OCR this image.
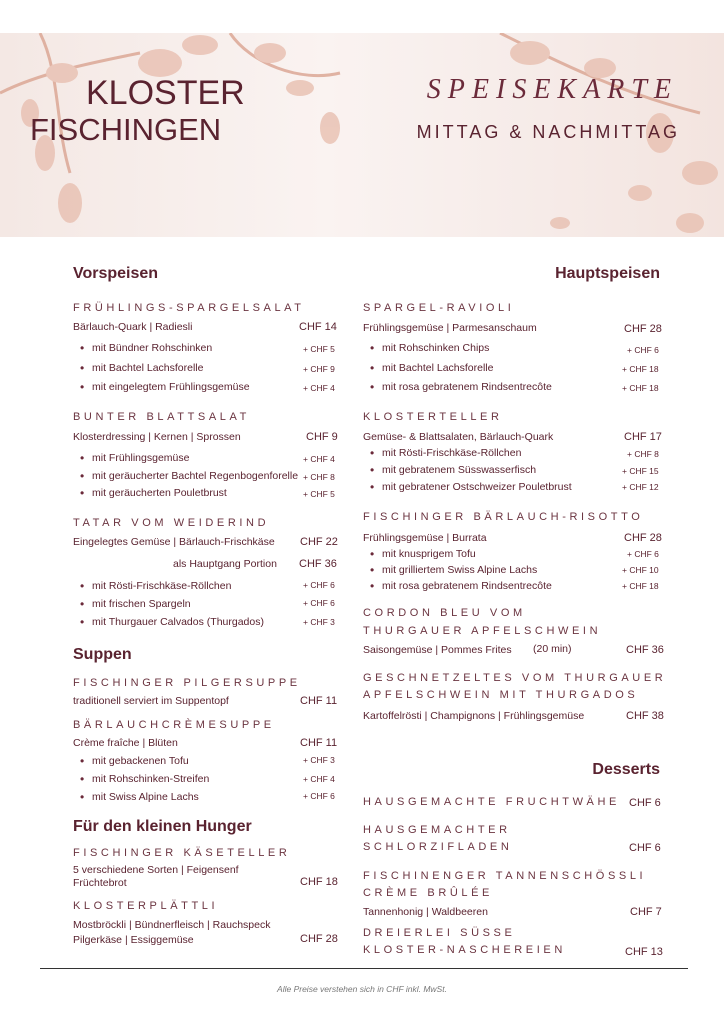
KLOSTER
FISCHINGEN
SPEISEKARTE
MITTAG & NACHMITTAG
Vorspeisen
FRÜHLINGS-SPARGELSALAT
Bärlauch-Quark | Radiesli	CHF 14
• mit Bündner Rohschinken	+ CHF 5
• mit Bachtel Lachsforelle	+ CHF 9
• mit eingelegtem Frühlingsgemüse	+ CHF 4
BUNTER BLATTSALAT
Klosterdressing | Kernen | Sprossen	CHF 9
• mit Frühlingsgemüse	+ CHF 4
• mit geräucherter Bachtel Regenbogenforelle + CHF 8
• mit geräucherten Pouletbrust	+ CHF 5
TATAR VOM WEIDERIND
Eingelegtes Gemüse | Bärlauch-Frischkäse CHF 22
als Hauptgang Portion CHF 36
• mit Rösti-Frischkäse-Röllchen	+ CHF 6
• mit frischen Spargeln	+ CHF 6
• mit Thurgauer Calvados (Thurgados)	+ CHF 3
Suppen
FISCHINGER PILGERSUPPE
traditionell serviert im Suppentopf	CHF 11
BÄRLAUCHCRÈMESUPPE
Crème fraîche | Blüten	CHF 11
• mit gebackenen Tofu	+ CHF 3
• mit Rohschinken-Streifen	+ CHF 4
• mit Swiss Alpine Lachs	+ CHF 6
Für den kleinen Hunger
FISCHINGER KÄSETELLER
5 verschiedene Sorten | Feigensenf
Früchtebrot	CHF 18
KLOSTERPLÄTTLI
Mostbröckli | Bündnerfleisch | Rauchspeck
Pilgerkäse | Essiggemüse	CHF 28
Hauptspeisen
SPARGEL-RAVIOLI
Frühlingsgemüse | Parmesanschaum	CHF 28
• mit Rohschinken Chips	+ CHF 6
• mit Bachtel Lachsforelle	+ CHF 18
• mit rosa gebratenem Rindsentrecôte	+ CHF 18
KLOSTERTELLER
Gemüse- & Blattsalaten, Bärlauch-Quark	CHF 17
• mit Rösti-Frischkäse-Röllchen	+ CHF 8
• mit gebratenem Süsswasserfisch	+ CHF 15
• mit gebratener Ostschweizer Pouletbrust	+ CHF 12
FISCHINGER BÄRLAUCH-RISOTTO
Frühlingsgemüse | Burrata	CHF 28
• mit knusprigem Tofu	+ CHF 6
• mit grilliertem Swiss Alpine Lachs	+ CHF 10
• mit rosa gebratenem Rindsentrecôte	+ CHF 18
CORDON BLEU VOM
THURGAUER APFELSCHWEIN
Saisongemüse | Pommes Frites (20 min)	CHF 36
GESCHNETZELTES VOM THURGAUER
APFELSCHWEIN MIT THURGADOS
Kartoffelrösti | Champignons | Frühlingsgemüse	CHF 38
Desserts
HAUSGEMACHTE FRUCHTWÄHE CHF 6
HAUSGEMACHTER
SCHLORZIFLADEN	CHF 6
FISCHINENGER TANNENSCHÖSSLI
CRÈME BRÛLÉE
Tannenhonig | Waldbeeren	CHF 7
DREIERLEI SÜSSE
KLOSTER-NASCHEREIEN	CHF 13
Alle Preise verstehen sich in CHF inkl. MwSt.
